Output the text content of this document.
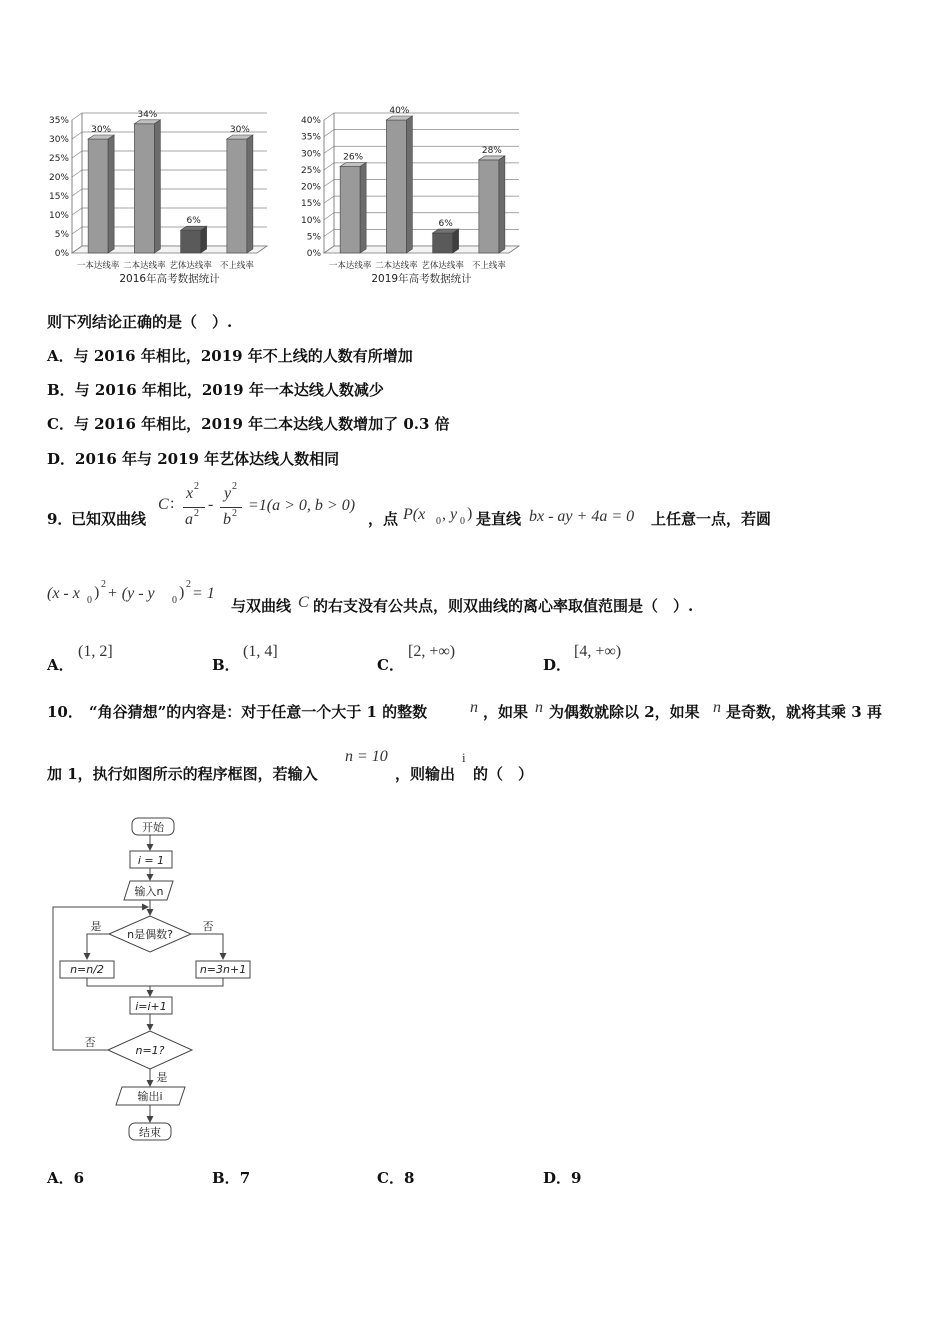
0%
5%
10%
15%
20%
25%
30%
35%
30%
一本达线率
34%
二本达线率
6%
艺体达线率
30%
不上线率
2016年高考数据统计
0%
5%
10%
15%
20%
25%
30%
35%
40%
26%
一本达线率
40%
二本达线率
6%
艺体达线率
28%
不上线率
2019年高考数据统计
则下列结论正确的是（　）.
A．与 2016 年相比，2019 年不上线的人数有所增加
B．与 2016 年相比，2019 年一本达线人数减少
C．与 2016 年相比，2019 年二本达线人数增加了 0.3 倍
D．2016 年与 2019 年艺体达线人数相同
9．
已知双曲线
C :
x 2
a 2
-
y 2
b 2 =1(a > 0, b > 0)
，点 P(x 0 , y 0 ) 是直线 bx - ay + 4a = 0 上任意一点，若圆
(x - x 0 ) 2
+ (y - y 0 ) 2
= 1
与双曲线 C 的右支没有公共点，则双曲线的离心率取值范围是（　）.
A．
(1, 2]
B．
(1, 4]
C．
[2, +∞)
D．
[4, +∞)
10． “角谷猜想”的内容是：对于任意一个大于 1 的整数	n ，如果 n 为偶数就除以 2，如果 n 是奇数，就将其乘 3 再
加 1，执行如图所示的程序框图，若输入
n = 10
，则输出
i
的（　）
开始
i = 1
输入n
n是偶数?
是	否
n=n/2	n=3n+1
i=i+1
n=1?
否
是
输出i
结束
A．6	B．7	C．8	D．9
